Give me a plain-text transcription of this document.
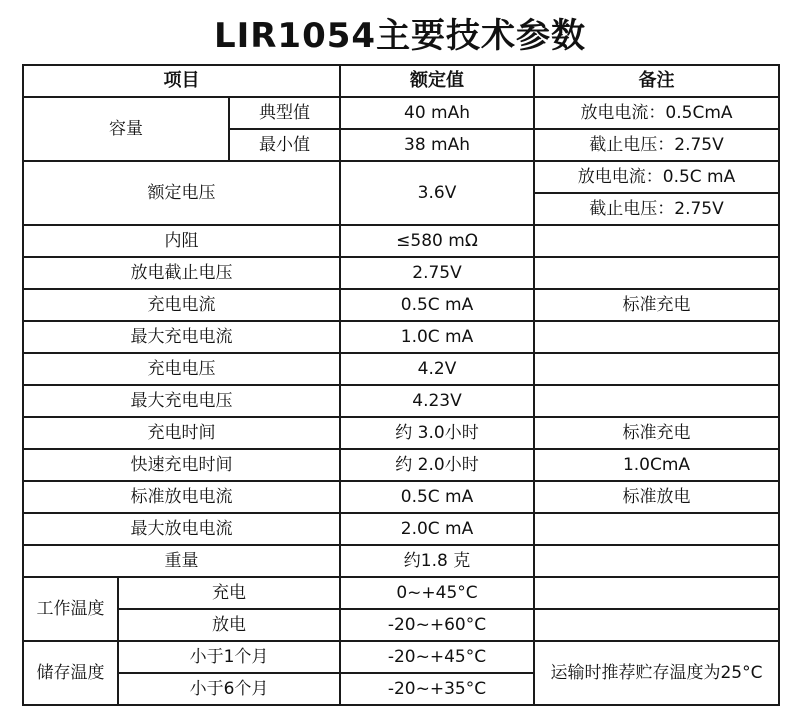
LIR1054主要技术参数
项目			额定值	备注
容量		典型值	40 mAh	放电电流：0.5CmA
		最小值	38 mAh	截止电压：2.75V
额定电压			3.6V	放电电流：0.5C mA
				截止电压：2.75V
内阻			≤580 mΩ	
放电截止电压			2.75V	
充电电流			0.5C mA	标准充电
最大充电电流			1.0C mA	
充电电压			4.2V	
最大充电电压			4.23V	
充电时间			约 3.0小时	标准充电
快速充电时间			约 2.0小时	1.0CmA
标准放电电流			0.5C mA	标准放电
最大放电电流			2.0C mA	
重量			约1.8 克	
工作温度	充电		0~+45°C	
	放电		-20~+60°C	
储存温度	小于1个月		-20~+45°C	运输时推荐贮存温度为25°C
	小于6个月		-20~+35°C	
